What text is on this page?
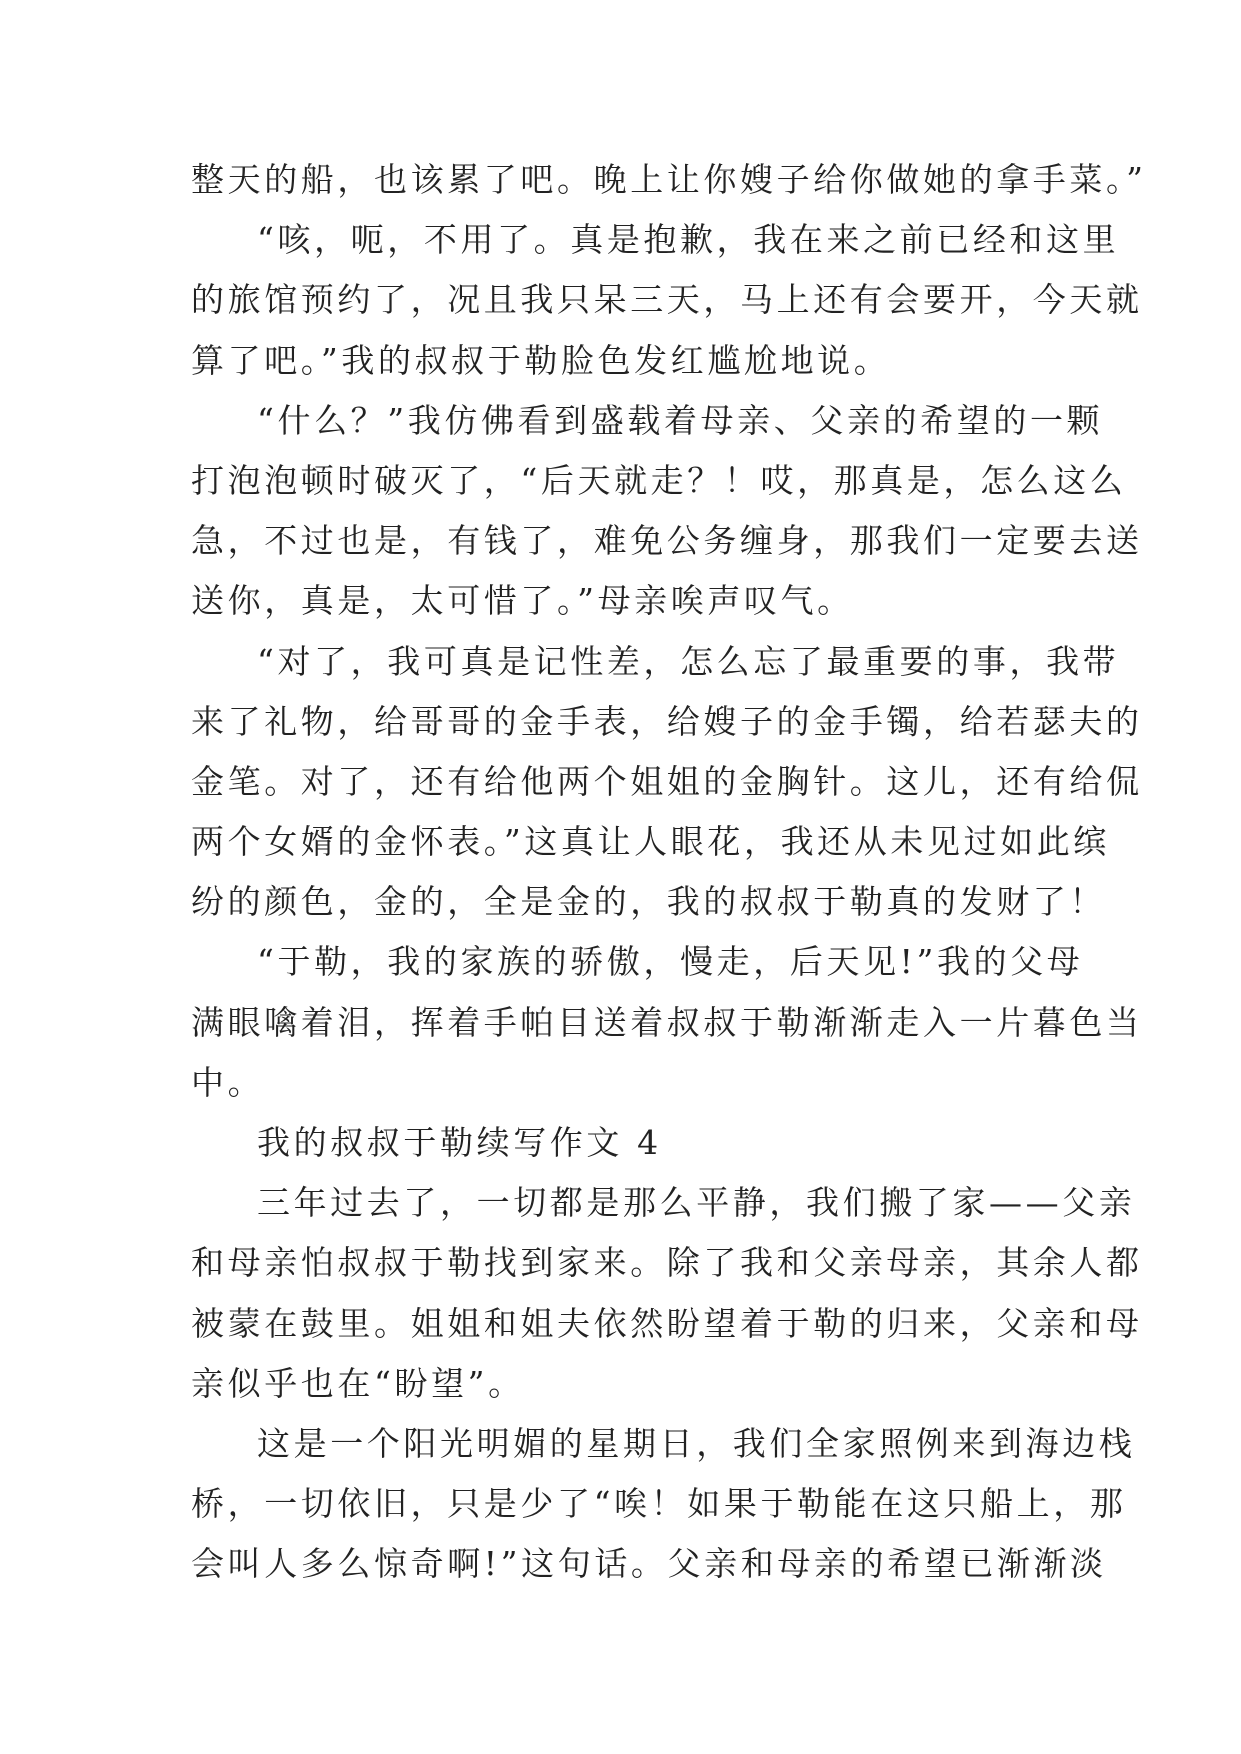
整天的船，也该累了吧。晚上让你嫂子给你做她的拿手菜。”
“咳，呃，不用了。真是抱歉，我在来之前已经和这里
的旅馆预约了，况且我只呆三天，马上还有会要开，今天就
算了吧。”我的叔叔于勒脸色发红尴尬地说。
“什么？”我仿佛看到盛载着母亲、父亲的希望的一颗
打泡泡顿时破灭了，“后天就走？！哎，那真是，怎么这么
急，不过也是，有钱了，难免公务缠身，那我们一定要去送
送你，真是，太可惜了。”母亲唉声叹气。
“对了，我可真是记性差，怎么忘了最重要的事，我带
来了礼物，给哥哥的金手表，给嫂子的金手镯，给若瑟夫的
金笔。对了，还有给他两个姐姐的金胸针。这儿，还有给侃
两个女婿的金怀表。”这真让人眼花，我还从未见过如此缤
纷的颜色，金的，全是金的，我的叔叔于勒真的发财了！
“于勒，我的家族的骄傲，慢走，后天见!”我的父母
满眼噙着泪，挥着手帕目送着叔叔于勒渐渐走入一片暮色当
中。
我的叔叔于勒续写作文 4
三年过去了，一切都是那么平静，我们搬了家——父亲
和母亲怕叔叔于勒找到家来。除了我和父亲母亲，其余人都
被蒙在鼓里。姐姐和姐夫依然盼望着于勒的归来，父亲和母
亲似乎也在“盼望”。
这是一个阳光明媚的星期日，我们全家照例来到海边栈
桥，一切依旧，只是少了“唉！如果于勒能在这只船上，那
会叫人多么惊奇啊!”这句话。父亲和母亲的希望已渐渐淡
